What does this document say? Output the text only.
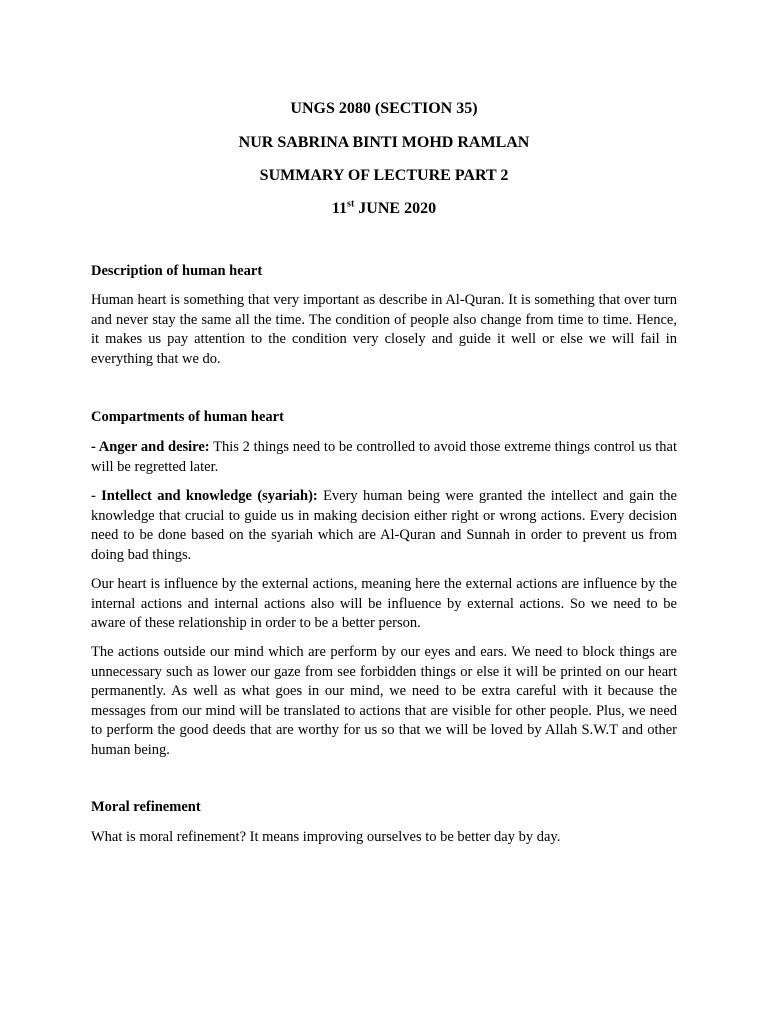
UNGS 2080 (SECTION 35)
NUR SABRINA BINTI MOHD RAMLAN
SUMMARY OF LECTURE PART 2
11st JUNE 2020
Description of human heart

Human heart is something that very important as describe in Al-Quran. It is something that over turn and never stay the same all the time. The condition of people also change from time to time. Hence, it makes us pay attention to the condition very closely and guide it well or else we will fail in everything that we do.

Compartments of human heart

- Anger and desire: This 2 things need to be controlled to avoid those extreme things control us that will be regretted later.

- Intellect and knowledge (syariah): Every human being were granted the intellect and gain the knowledge that crucial to guide us in making decision either right or wrong actions. Every decision need to be done based on the syariah which are Al-Quran and Sunnah in order to prevent us from doing bad things.

Our heart is influence by the external actions, meaning here the external actions are influence by the internal actions and internal actions also will be influence by external actions. So we need to be aware of these relationship in order to be a better person.

The actions outside our mind which are perform by our eyes and ears. We need to block things are unnecessary such as lower our gaze from see forbidden things or else it will be printed on our heart permanently. As well as what goes in our mind, we need to be extra careful with it because the messages from our mind will be translated to actions that are visible for other people. Plus, we need to perform the good deeds that are worthy for us so that we will be loved by Allah S.W.T and other human being.

Moral refinement

What is moral refinement? It means improving ourselves to be better day by day.
